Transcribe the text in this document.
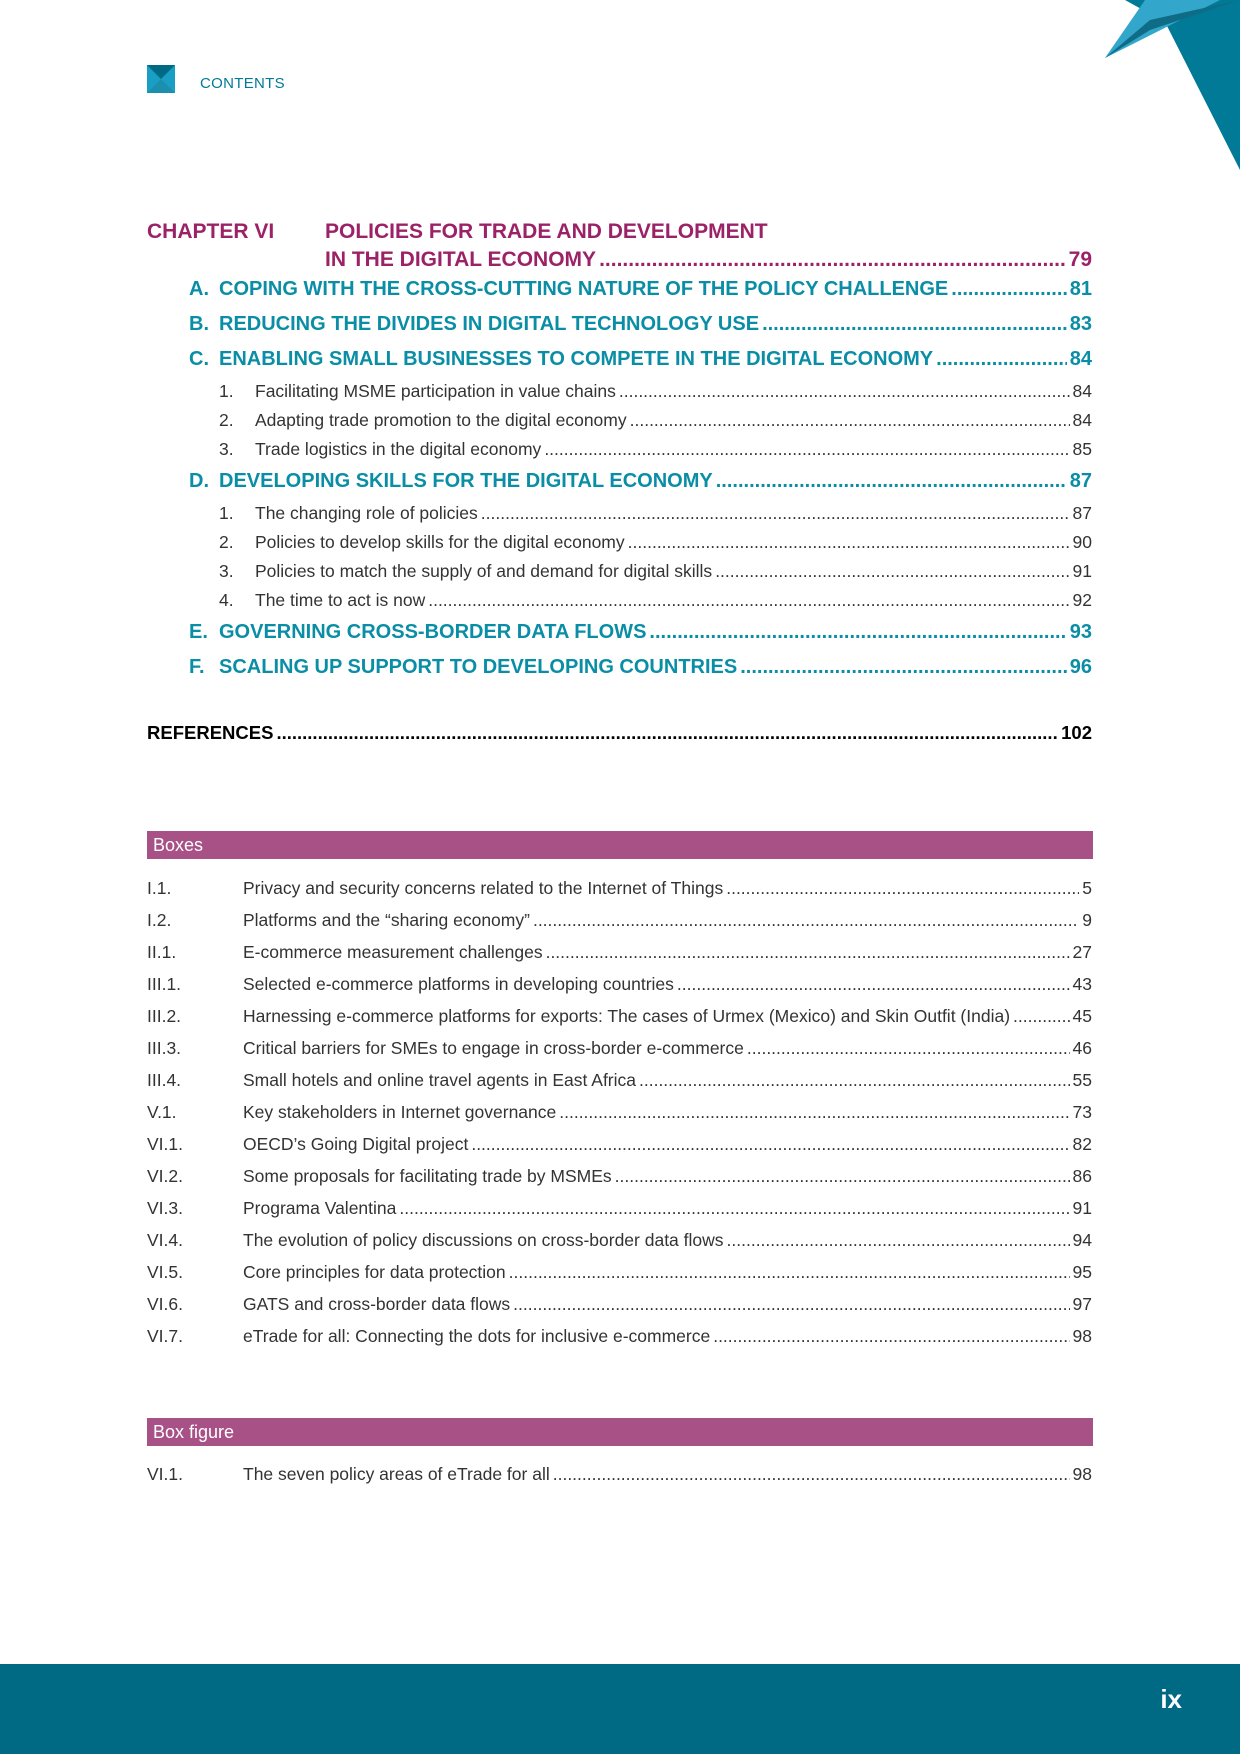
CONTENTS
CHAPTER VI POLICIES FOR TRADE AND DEVELOPMENT
IN THE DIGITAL ECONOMY .....	79
A. COPING WITH THE CROSS-CUTTING NATURE OF THE POLICY CHALLENGE .....	81
B. REDUCING THE DIVIDES IN DIGITAL TECHNOLOGY USE .....	83
C. ENABLING SMALL BUSINESSES TO COMPETE IN THE DIGITAL ECONOMY .....	84
1.	Facilitating MSME participation in value chains .....	84
2.	Adapting trade promotion to the digital economy .....	84
3.	Trade logistics in the digital economy .....	85
D. DEVELOPING SKILLS FOR THE DIGITAL ECONOMY .....	87
1.	The changing role of policies .....	87
2.	Policies to develop skills for the digital economy .....	90
3.	Policies to match the supply of and demand for digital skills .....	91
4.	The time to act is now .....	92
E. GOVERNING CROSS-BORDER DATA FLOWS .....	93
F. SCALING UP SUPPORT TO DEVELOPING COUNTRIES .....	96
REFERENCES .....	102
Boxes
I.1.	Privacy and security concerns related to the Internet of Things .....	5
I.2.	Platforms and the “sharing economy” .....	9
II.1.	E-commerce measurement challenges .....	27
III.1.	Selected e-commerce platforms in developing countries .....	43
III.2.	Harnessing e-commerce platforms for exports: The cases of Urmex (Mexico) and Skin Outfit (India) .....	45
III.3.	Critical barriers for SMEs to engage in cross-border e-commerce .....	46
III.4.	Small hotels and online travel agents in East Africa .....	55
V.1.	Key stakeholders in Internet governance .....	73
VI.1.	OECD’s Going Digital project .....	82
VI.2.	Some proposals for facilitating trade by MSMEs .....	86
VI.3.	Programa Valentina .....	91
VI.4.	The evolution of policy discussions on cross-border data flows .....	94
VI.5.	Core principles for data protection .....	95
VI.6.	GATS and cross-border data flows .....	97
VI.7.	eTrade for all: Connecting the dots for inclusive e-commerce .....	98
Box figure
VI.1.	The seven policy areas of eTrade for all .....	98
ix
